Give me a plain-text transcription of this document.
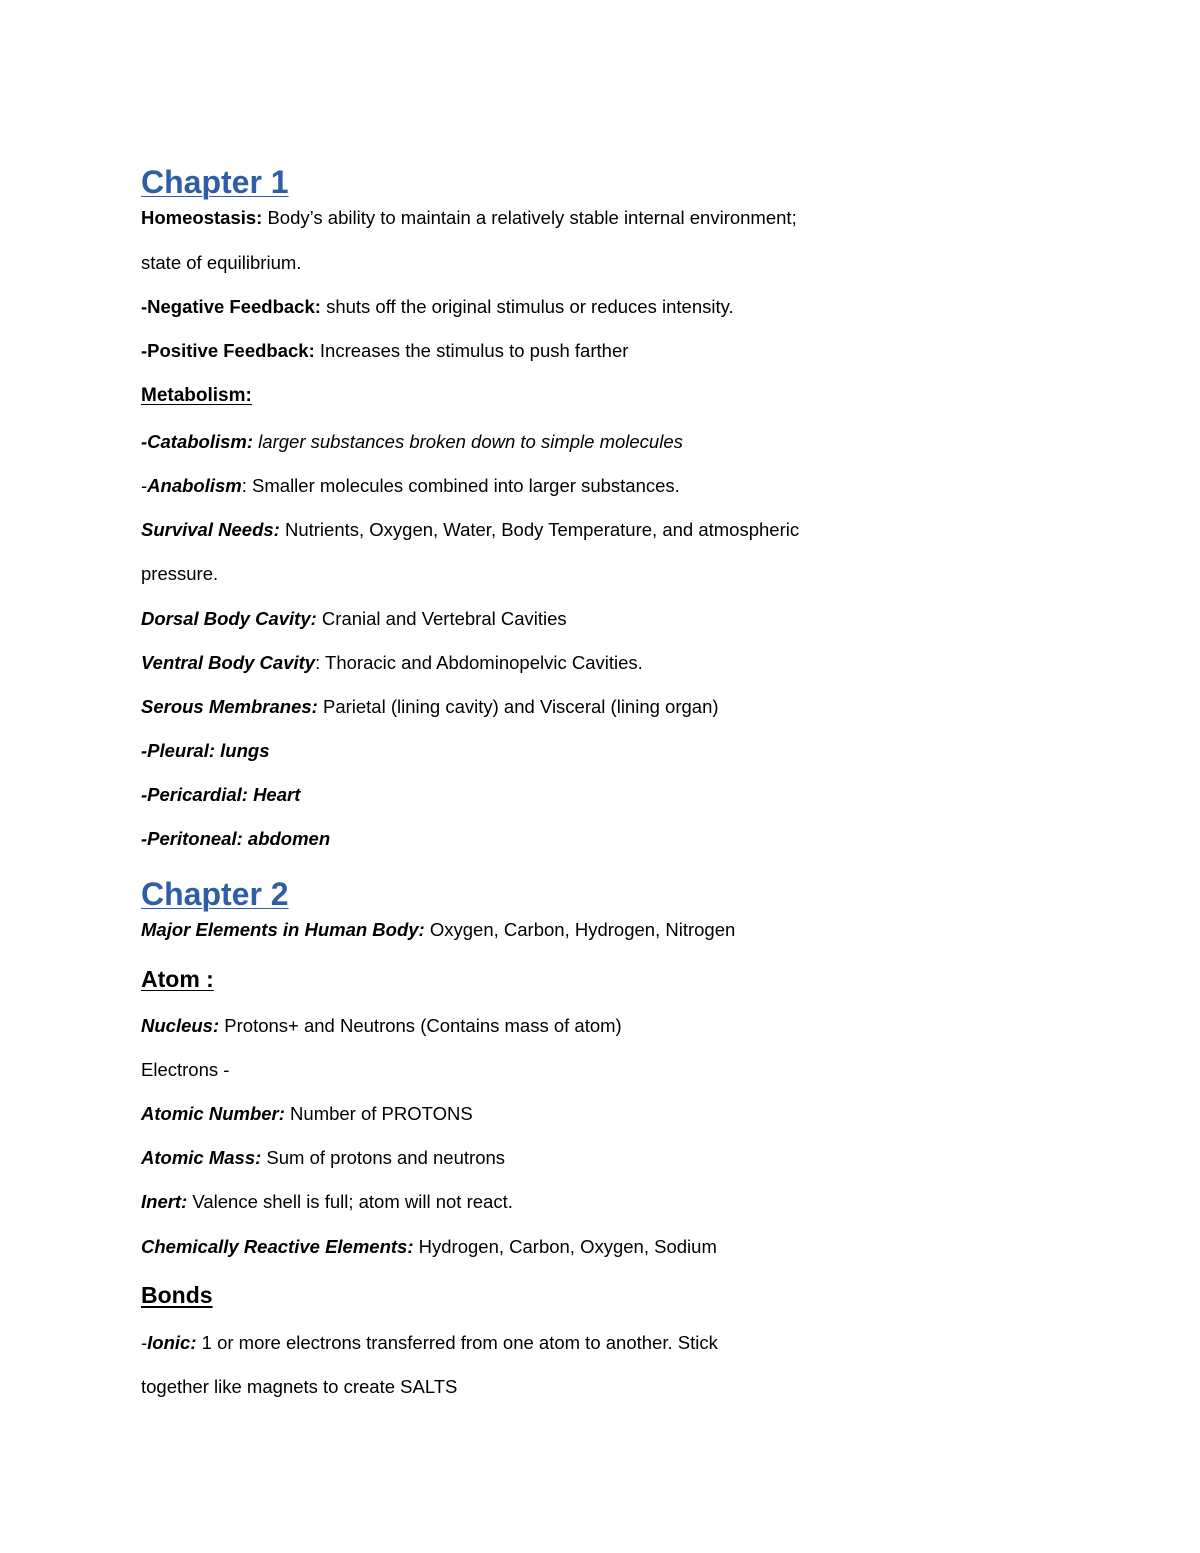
Chapter 1

Homeostasis: Body’s ability to maintain a relatively stable internal environment;

state of equilibrium.

-Negative Feedback: shuts off the original stimulus or reduces intensity.

-Positive Feedback: Increases the stimulus to push farther

Metabolism:

-Catabolism: larger substances broken down to simple molecules

-Anabolism: Smaller molecules combined into larger substances.

Survival Needs: Nutrients, Oxygen, Water, Body Temperature, and atmospheric

pressure.

Dorsal Body Cavity: Cranial and Vertebral Cavities

Ventral Body Cavity: Thoracic and Abdominopelvic Cavities.

Serous Membranes: Parietal (lining cavity) and Visceral (lining organ)

-Pleural: lungs

-Pericardial: Heart

-Peritoneal: abdomen

Chapter 2

Major Elements in Human Body: Oxygen, Carbon, Hydrogen, Nitrogen

Atom :

Nucleus: Protons+ and Neutrons (Contains mass of atom)

Electrons -

Atomic Number: Number of PROTONS

Atomic Mass: Sum of protons and neutrons

Inert: Valence shell is full; atom will not react.

Chemically Reactive Elements: Hydrogen, Carbon, Oxygen, Sodium

Bonds

-Ionic: 1 or more electrons transferred from one atom to another. Stick

together like magnets to create SALTS
